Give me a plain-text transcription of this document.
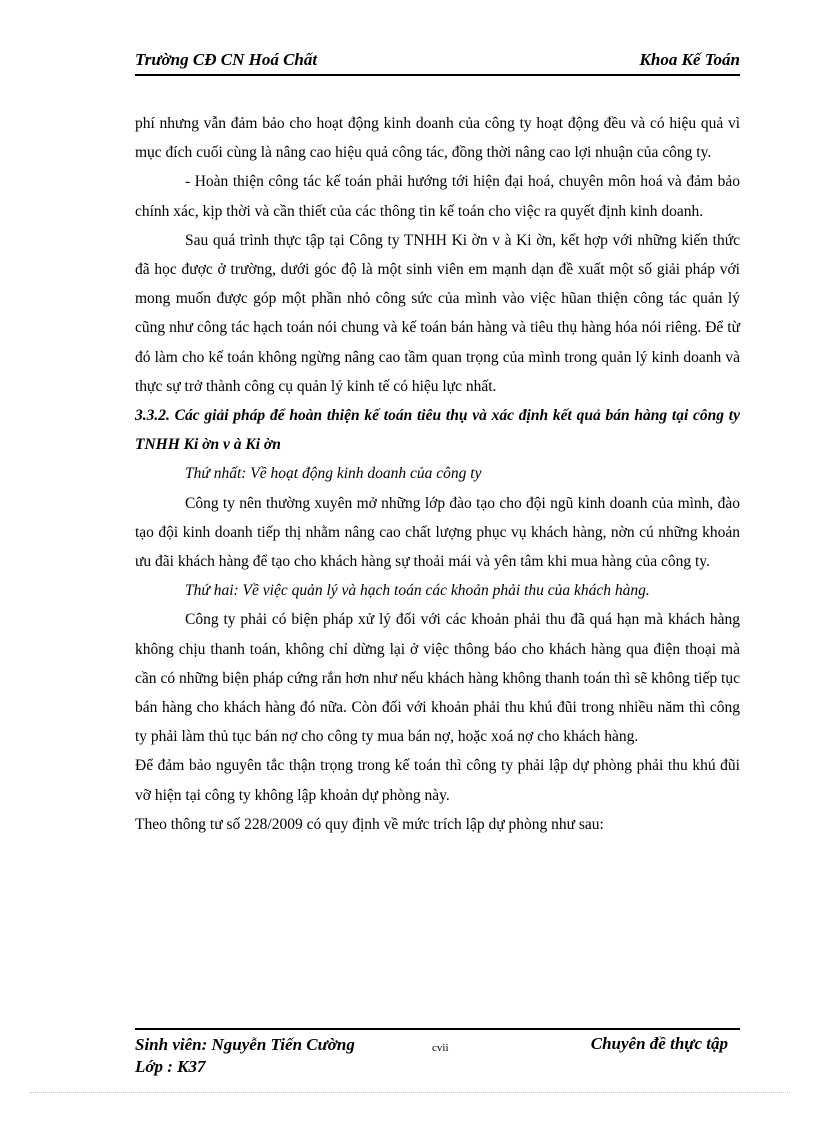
Trường CĐ CN Hoá Chất	Khoa Kế Toán

phí nhưng vẫn đảm bảo cho hoạt động kinh doanh của công ty hoạt động đều và có hiệu quả vì mục đích cuối cùng là nâng cao hiệu quả công tác, đồng thời nâng cao lợi nhuận của công ty.

- Hoàn thiện công tác kế toán phải hướng tới hiện đại hoá, chuyên môn hoá và đảm bảo chính xác, kịp thời và cần thiết của các thông tin kế toán cho việc ra quyết định kinh doanh.

Sau quá trình thực tập tại Công ty TNHH Ki ờn v à Ki ờn, kết hợp với những kiến thức đã học được ở trường, dưới góc độ là một sinh viên em mạnh dạn đề xuất một số giải pháp với mong muốn được góp một phần nhỏ công sức của mình vào việc hũan thiện công tác quản lý cũng như công tác hạch toán nói chung và kế toán bán hàng và tiêu thụ hàng hóa nói riêng. Để từ đó làm cho kế toán không ngừng nâng cao tầm quan trọng của mình trong quản lý kinh doanh và thực sự trở thành công cụ quản lý kinh tế có hiệu lực nhất.

3.3.2. Các giải pháp để hoàn thiện kế toán tiêu thụ và xác định kết quả bán hàng tại công ty TNHH Ki ờn v à Ki ờn

Thứ nhất: Về hoạt động kinh doanh của công ty

Công ty nên thường xuyên mở những lớp đào tạo cho đội ngũ kinh doanh của mình, đào tạo đội kinh doanh tiếp thị nhằm nâng cao chất lượng phục vụ khách hàng, nờn cú những khoản ưu đãi khách hàng để tạo cho khách hàng sự thoải mái và yên tâm khi mua hàng của công ty.

Thứ hai: Về việc quản lý và hạch toán các khoản phải thu của khách hàng.

Công ty phải có biện pháp xử lý đối với các khoản phải thu đã quá hạn mà khách hàng không chịu thanh toán, không chỉ dừng lại ở việc thông báo cho khách hàng qua điện thoại mà cần có những biện pháp cứng rắn hơn như nếu khách hàng không thanh toán thì sẽ không tiếp tục bán hàng cho khách hàng đó nữa. Còn đối với khoản phải thu khú đũi trong nhiều năm thì công ty phải làm thủ tục bán nợ cho công ty mua bán nợ, hoặc xoá nợ cho khách hàng.

Để đảm bảo nguyên tắc thận trọng trong kế toán thì công ty phải lập dự phòng phải thu khú đũi vỡ hiện tại công ty không lập khoản dự phòng này.

Theo thông tư số 228/2009 có quy định về mức trích lập dự phòng như sau:

Sinh viên: Nguyễn Tiến Cường
Lớp : K37
cvii	Chuyên đề thực tập
